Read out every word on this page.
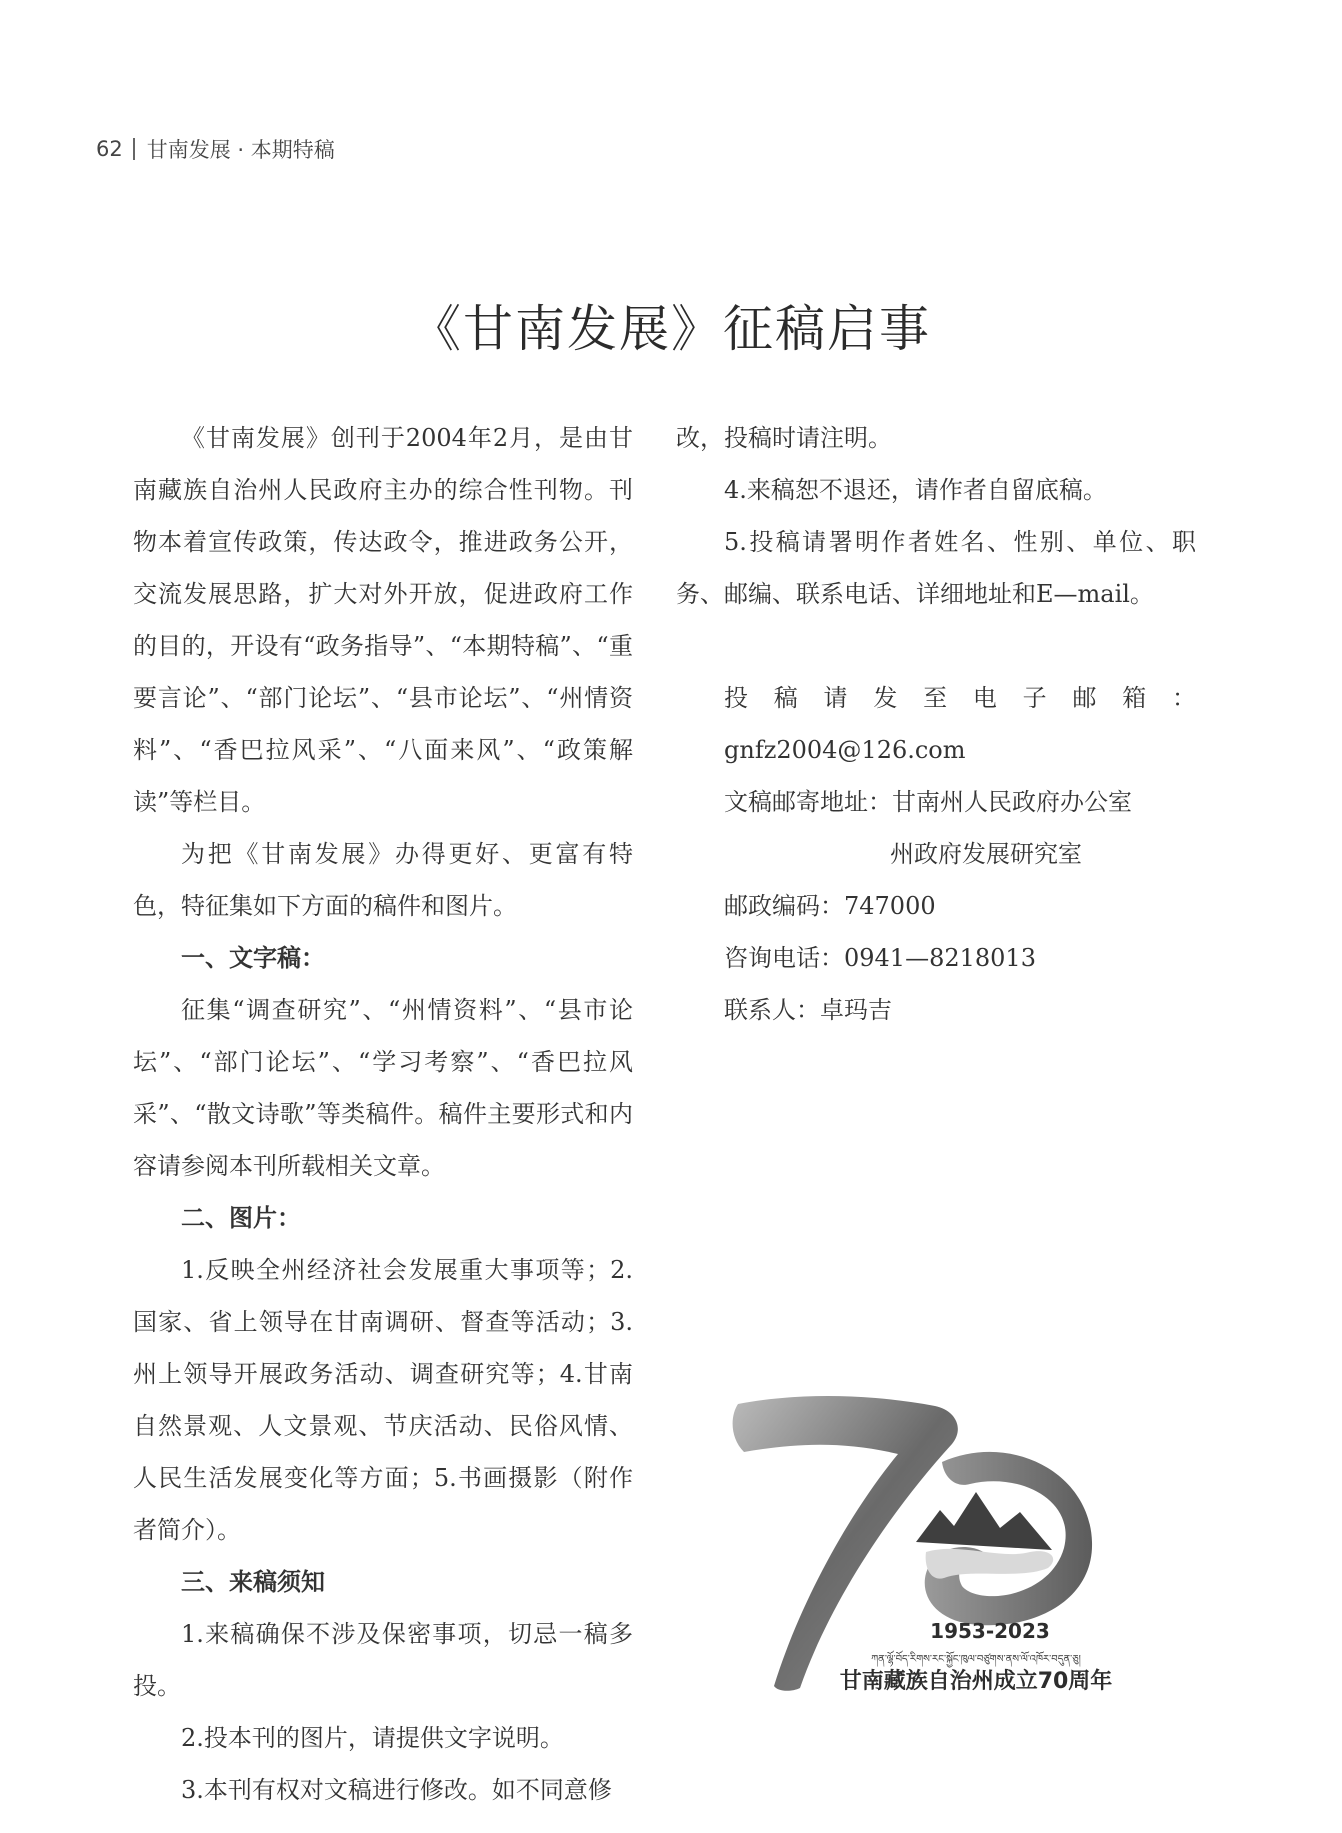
62 甘南发展 · 本期特稿
《甘南发展》征稿启事

《甘南发展》创刊于2004年2月，是由甘南藏族自治州人民政府主办的综合性刊物。刊物本着宣传政策，传达政令，推进政务公开，交流发展思路，扩大对外开放，促进政府工作的目的，开设有“政务指导”、“本期特稿”、“重要言论”、“部门论坛”、“县市论坛”、“州情资料”、“香巴拉风采”、“八面来风”、“政策解读”等栏目。

为把《甘南发展》办得更好、更富有特色，特征集如下方面的稿件和图片。

一、文字稿：

征集“调查研究”、“州情资料”、“县市论坛”、“部门论坛”、“学习考察”、“香巴拉风采”、“散文诗歌”等类稿件。稿件主要形式和内容请参阅本刊所载相关文章。

二、图片：

1.反映全州经济社会发展重大事项等；2.国家、省上领导在甘南调研、督查等活动；3.州上领导开展政务活动、调查研究等；4.甘南自然景观、人文景观、节庆活动、民俗风情、人民生活发展变化等方面；5.书画摄影（附作者简介）。

三、来稿须知

1.来稿确保不涉及保密事项，切忌一稿多投。

2.投本刊的图片，请提供文字说明。

3.本刊有权对文稿进行修改。如不同意修

改，投稿时请注明。

4.来稿恕不退还，请作者自留底稿。

5.投稿请署明作者姓名、性别、单位、职务、邮编、联系电话、详细地址和E—mail。

投稿请发至电子邮箱：gnfz2004@126.com

文稿邮寄地址：甘南州人民政府办公室

州政府发展研究室

邮政编码：747000

咨询电话：0941—8218013

联系人：卓玛吉

1953-2023
ཀན་ལྷོ་བོད་རིགས་རང་སྐྱོང་ཁུལ་བཙུགས་ནས་ལོ་འཁོར་བདུན་ཅུ།
甘南藏族自治州成立70周年
